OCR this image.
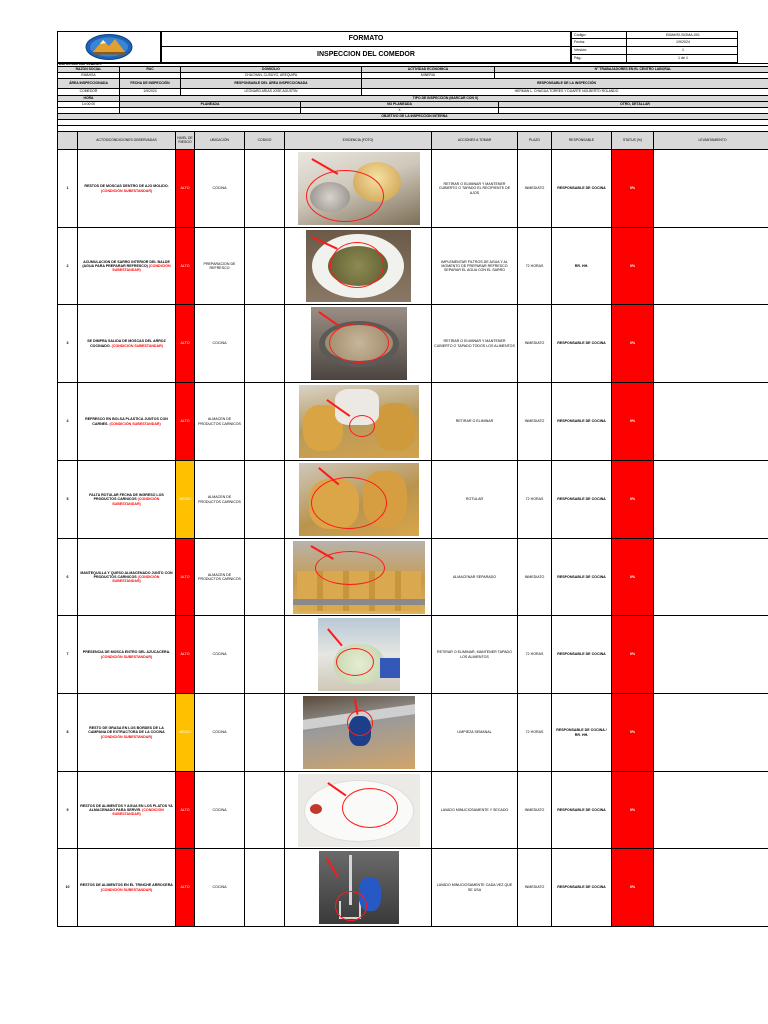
FORMATO
INSPECCION DEL COMEDOR
Código:	EMAHSI-SIGMA-001
Fecha:	1/9/2024
Versión:	1
Pág.:	1 de 1
DATOS DEL EMPLEADOR:
RAZON SOCIAL	RUC	DOMICILIO	ACTIVIDAD ECONOMICA	N° TRABAJADORES EN EL CENTRO LABORAL
EMAHSA	CHUCHAN, CUSUYO, AREQUIPA	MINERIA
ÁREA INSPECCIONADA	FECHA DE INSPECCIÓN	RESPONSABLE DEL ÁREA INSPECCIONADA	RESPONSABLE DE LA INSPECCIÓN
COMEDOR	1/9/2024	LEONARD ARIAS JOSE AGUSTIN	HERMAN L. CHAGUA TORRES Y DUARTE NOLBERTO ROLANDO
HORA	TIPO DE INSPECCIÓN (MARCAR CON X)
14:00:00	PLANEADA	NO PLANEADA	OTRO, DETALLAR
X
OBJETIVO DE LA INSPECCIÓN INTERNA
ACTOS/CONDICIONES OBSERVADAS	NIVEL DE RIESGO	UBICACIÓN	CODIGO	EVIDENCIA (FOTO)	ACCIONES A TOMAR	PLAZO	RESPONSABLE	STATUS (%)	LEVANTAMIENTO
1
RESTOS DE MOSCAS DENTRO DE AJO MOLIDO. (CONDICIÓN SUBESTANDAR)
ALTO	COCINA
RETIRAR O ELIMINAR Y MANTENER CUBIERTO O TAPADO EL RECIPIENTE DE AJOS
INMEDIATO	RESPONSABLE DE COCINA	0%
2
ACUMULACION DE SARRO INTERIOR DEL BALDE (AGUA PARA PREPARAR REFRESCO) (CONDICIÓN SUBESTANDAR)
ALTO
PREPARACION DE REFRESCO
IMPLEMENTAR FILTROS DE AGUA Y AL MOMENTO DE PREPARAR REFRESCO SEPARAR EL AGUA CON EL SARRO
72 HORAS	RR. HH.	0%
3
SE DIMPRA SALIDA DE MOSCAS DEL ARROZ COCINADO. (CONDICIÓN SUBESTANDAR)
ALTO	COCINA
RETIRAR O ELIMINAR Y MANTENER CUBIERTO O TAPADO TODOS LOS ALIMENTOS
INMEDIATO	RESPONSABLE DE COCINA	0%
4
REFRESCO EN BOLSA PLASTICA JUNTOS CON CARNES. (CONDICIÓN SUBESTANDAR)
ALTO
ALMACEN DE PRODUCTOS CARNICOS
RETIRAR O ELIMINAR	INMEDIATO	RESPONSABLE DE COCINA	0%
5
FALTA ROTULAR FECHA DE INGRESO LOS PRODUCTOS CARNICOS (CONDICIÓN SUBESTANDAR)
MEDIO
ALMACEN DE PRODUCTOS CARNICOS
ROTULAR	72 HORAS	RESPONSABLE DE COCINA	0%
6
MANTEQUILLA Y QUESO ALMACENADO JUNTO CON PRODUCTOS CARNICOS (CONDICIÓN SUBESTANDAR)
ALTO
ALMACEN DE PRODUCTOS CARNICOS
ALMACENAR SEPARADO	INMEDIATO	RESPONSABLE DE COCINA	0%
7
PRESENCIA DE MOSCA ENTRO DEL AZUCACERA. (CONDICIÓN SUBESTANDAR)
ALTO	COCINA
RETIRAR O ELIMINAR, MANTENER TAPADO LOS ALIMENTOS
72 HORAS	RESPONSABLE DE COCINA	0%
8
RESTO DE GRASA EN LOS BORDES DE LA CAMPANA DE EXTRACTORA DE LA COCINA (CONDICIÓN SUBESTANDAR)
MEDIO	COCINA	LIMPIEZA SEMANAL	72 HORAS
RESPONSABLE DE COCINA / RR. HH.
0%
9
RESTOS DE ALIMENTOS Y AGUA EN LOS PLATOS YA ALMACENADO PARA SERVIR. (CONDICIÓN SUBESTANDAR)
ALTO	COCINA	LAVADO MINUCIOSAMENTE Y SECADO	INMEDIATO	RESPONSABLE DE COCINA	0%
10
RESTOS DE ALIMENTOS EN EL TRINCHE ARROCERA (CONDICIÓN SUBESTANDAR)
ALTO	COCINA
LAVADO MINUCIOSAMENTE CADA VEZ QUE SE USA
INMEDIATO	RESPONSABLE DE COCINA	0%
